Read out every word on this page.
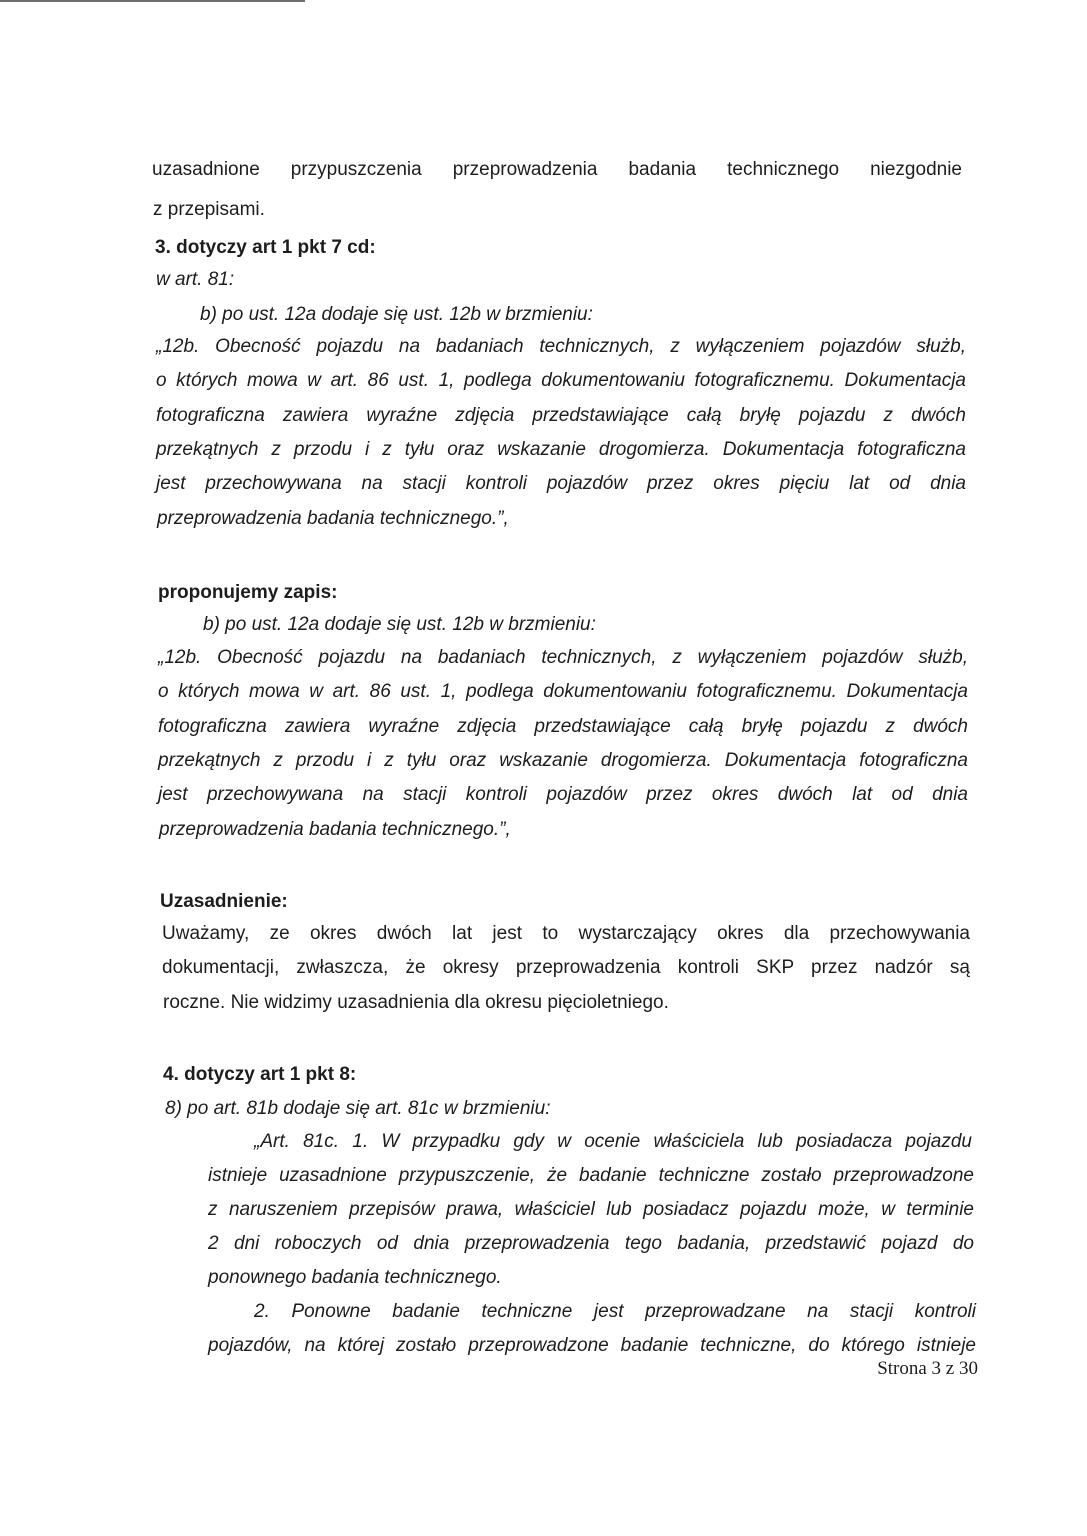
uzasadnione przypuszczenia przeprowadzenia badania technicznego niezgodnie
z przepisami.
3. dotyczy art 1 pkt 7 cd:
w art. 81:
b) po ust. 12a dodaje się ust. 12b w brzmieniu:
„12b. Obecność pojazdu na badaniach technicznych, z wyłączeniem pojazdów służb,
o których mowa w art. 86 ust. 1, podlega dokumentowaniu fotograficznemu. Dokumentacja
fotograficzna zawiera wyraźne zdjęcia przedstawiające całą bryłę pojazdu z dwóch
przekątnych z przodu i z tyłu oraz wskazanie drogomierza. Dokumentacja fotograficzna
jest przechowywana na stacji kontroli pojazdów przez okres pięciu lat od dnia
przeprowadzenia badania technicznego.”,
proponujemy zapis:
b) po ust. 12a dodaje się ust. 12b w brzmieniu:
„12b. Obecność pojazdu na badaniach technicznych, z wyłączeniem pojazdów służb,
o których mowa w art. 86 ust. 1, podlega dokumentowaniu fotograficznemu. Dokumentacja
fotograficzna zawiera wyraźne zdjęcia przedstawiające całą bryłę pojazdu z dwóch
przekątnych z przodu i z tyłu oraz wskazanie drogomierza. Dokumentacja fotograficzna
jest przechowywana na stacji kontroli pojazdów przez okres dwóch lat od dnia
przeprowadzenia badania technicznego.”,
Uzasadnienie:
Uważamy, ze okres dwóch lat jest to wystarczający okres dla przechowywania
dokumentacji, zwłaszcza, że okresy przeprowadzenia kontroli SKP przez nadzór są
roczne. Nie widzimy uzasadnienia dla okresu pięcioletniego.
4. dotyczy art 1 pkt 8:
8) po art. 81b dodaje się art. 81c w brzmieniu:
„Art. 81c. 1. W przypadku gdy w ocenie właściciela lub posiadacza pojazdu
istnieje uzasadnione przypuszczenie, że badanie techniczne zostało przeprowadzone
z naruszeniem przepisów prawa, właściciel lub posiadacz pojazdu może, w terminie
2 dni roboczych od dnia przeprowadzenia tego badania, przedstawić pojazd do
ponownego badania technicznego.
2. Ponowne badanie techniczne jest przeprowadzane na stacji kontroli
pojazdów, na której zostało przeprowadzone badanie techniczne, do którego istnieje
Strona 3 z 30
